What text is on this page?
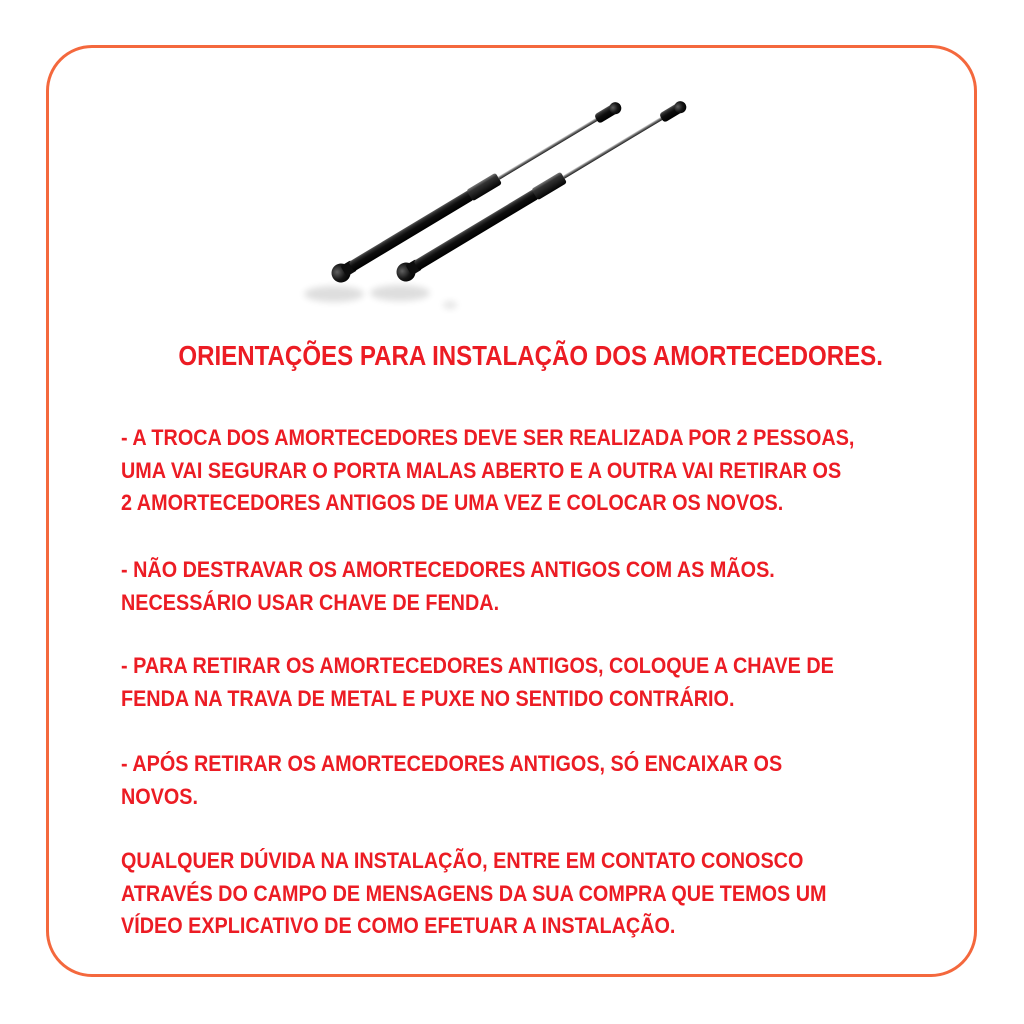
ORIENTAÇÕES PARA INSTALAÇÃO DOS AMORTECEDORES.
- A TROCA DOS AMORTECEDORES DEVE SER REALIZADA POR 2 PESSOAS,
UMA VAI SEGURAR O PORTA MALAS ABERTO E A OUTRA VAI RETIRAR OS
2 AMORTECEDORES ANTIGOS DE UMA VEZ E COLOCAR OS NOVOS.
- NÃO DESTRAVAR OS AMORTECEDORES ANTIGOS COM AS MÃOS.
NECESSÁRIO USAR CHAVE DE FENDA.
- PARA RETIRAR OS AMORTECEDORES ANTIGOS, COLOQUE A CHAVE DE
FENDA NA TRAVA DE METAL E PUXE NO SENTIDO CONTRÁRIO.
- APÓS RETIRAR OS AMORTECEDORES ANTIGOS, SÓ ENCAIXAR OS
NOVOS.
QUALQUER DÚVIDA NA INSTALAÇÃO, ENTRE EM CONTATO CONOSCO
ATRAVÉS DO CAMPO DE MENSAGENS DA SUA COMPRA QUE TEMOS UM
VÍDEO EXPLICATIVO DE COMO EFETUAR A INSTALAÇÃO.
